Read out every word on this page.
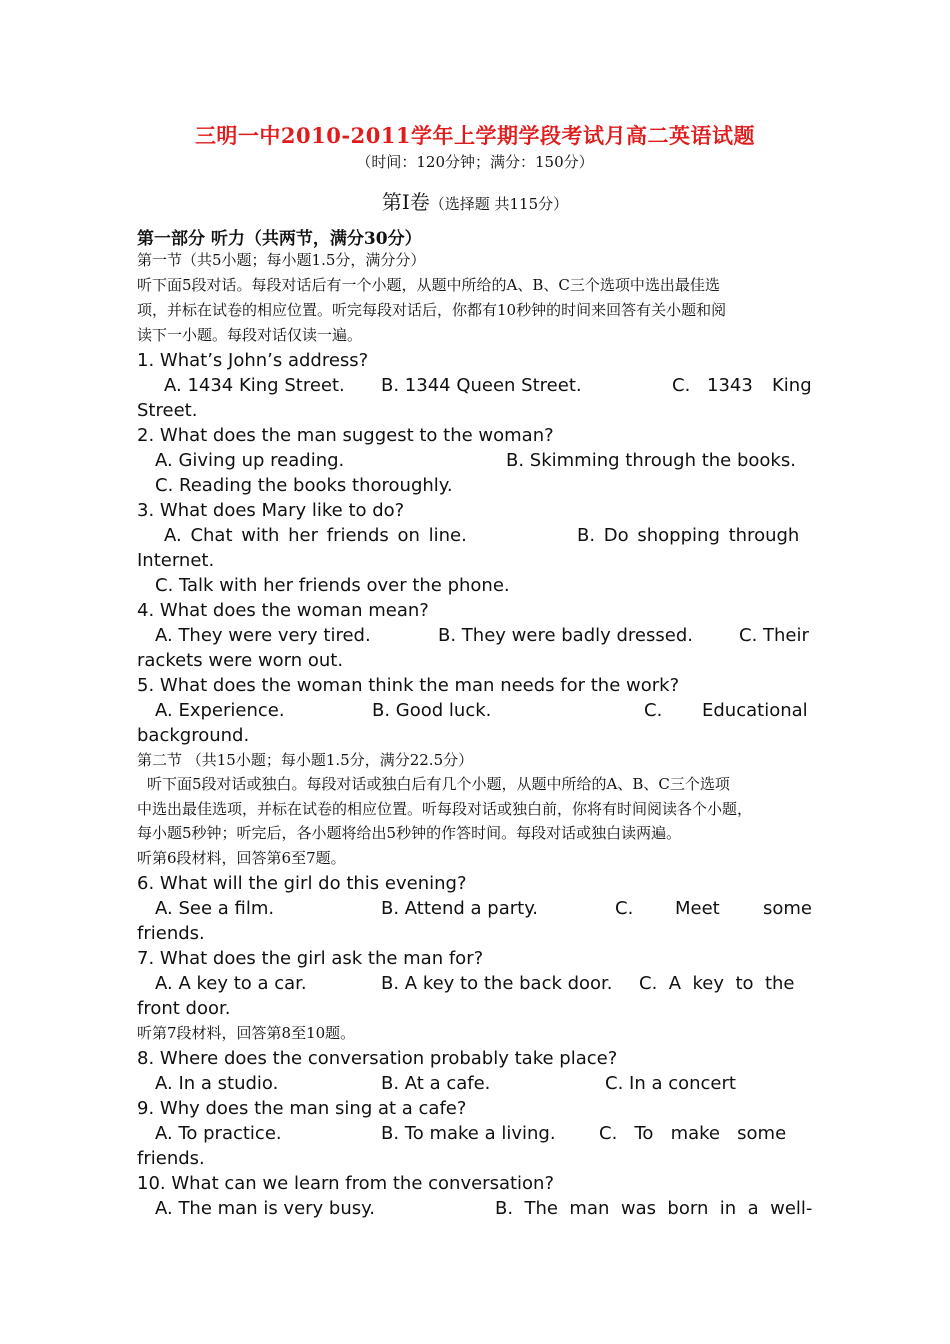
三明一中2010-2011学年上学期学段考试月高二英语试题
（时间：120分钟；满分：150分）
第Ⅰ卷（选择题 共115分）
第一部分 听力（共两节，满分30分）
第一节（共5小题；每小题1.5分，满分分）
听下面5段对话。每段对话后有一个小题，从题中所给的A、B、C三个选项中选出最佳选
项，并标在试卷的相应位置。听完每段对话后，你都有10秒钟的时间来回答有关小题和阅
读下一小题。每段对话仅读一遍。
1. What’s John’s address?
A. 1434 King Street. B. 1344 Queen Street.	C. 1343 King
Street.
2. What does the man suggest to the woman?
A. Giving up reading.	B. Skimming through the books.
C. Reading the books thoroughly.
3. What does Mary like to do?
A. Chat with her friends on line.	B. Do shopping through
Internet.
C. Talk with her friends over the phone.
4. What does the woman mean?
A. They were very tired.	B. They were badly dressed.	C. Their
rackets were worn out.
5. What does the woman think the man needs for the work?
A. Experience.	B. Good luck.	C. Educational
background.
第二节 （共15小题；每小题1.5分，满分22.5分）
听下面5段对话或独白。每段对话或独白后有几个小题，从题中所给的A、B、C三个选项
中选出最佳选项，并标在试卷的相应位置。听每段对话或独白前，你将有时间阅读各个小题，
每小题5秒钟；听完后，各小题将给出5秒钟的作答时间。每段对话或独白读两遍。
听第6段材料，回答第6至7题。
6. What will the girl do this evening?
A. See a film.	B. Attend a party.	C. Meet some
friends.
7. What does the girl ask the man for?
A. A key to a car.	B. A key to the back door. C.  A  key  to  the
front door.
听第7段材料，回答第8至10题。
8. Where does the conversation probably take place?
A. In a studio.	B. At a cafe.	C. In a concert
9. Why does the man sing at a cafe?
A. To practice.	B. To make a living. C.   To   make   some
friends.
10. What can we learn from the conversation?
A. The man is very busy.	B.  The  man  was  born  in  a  well-
